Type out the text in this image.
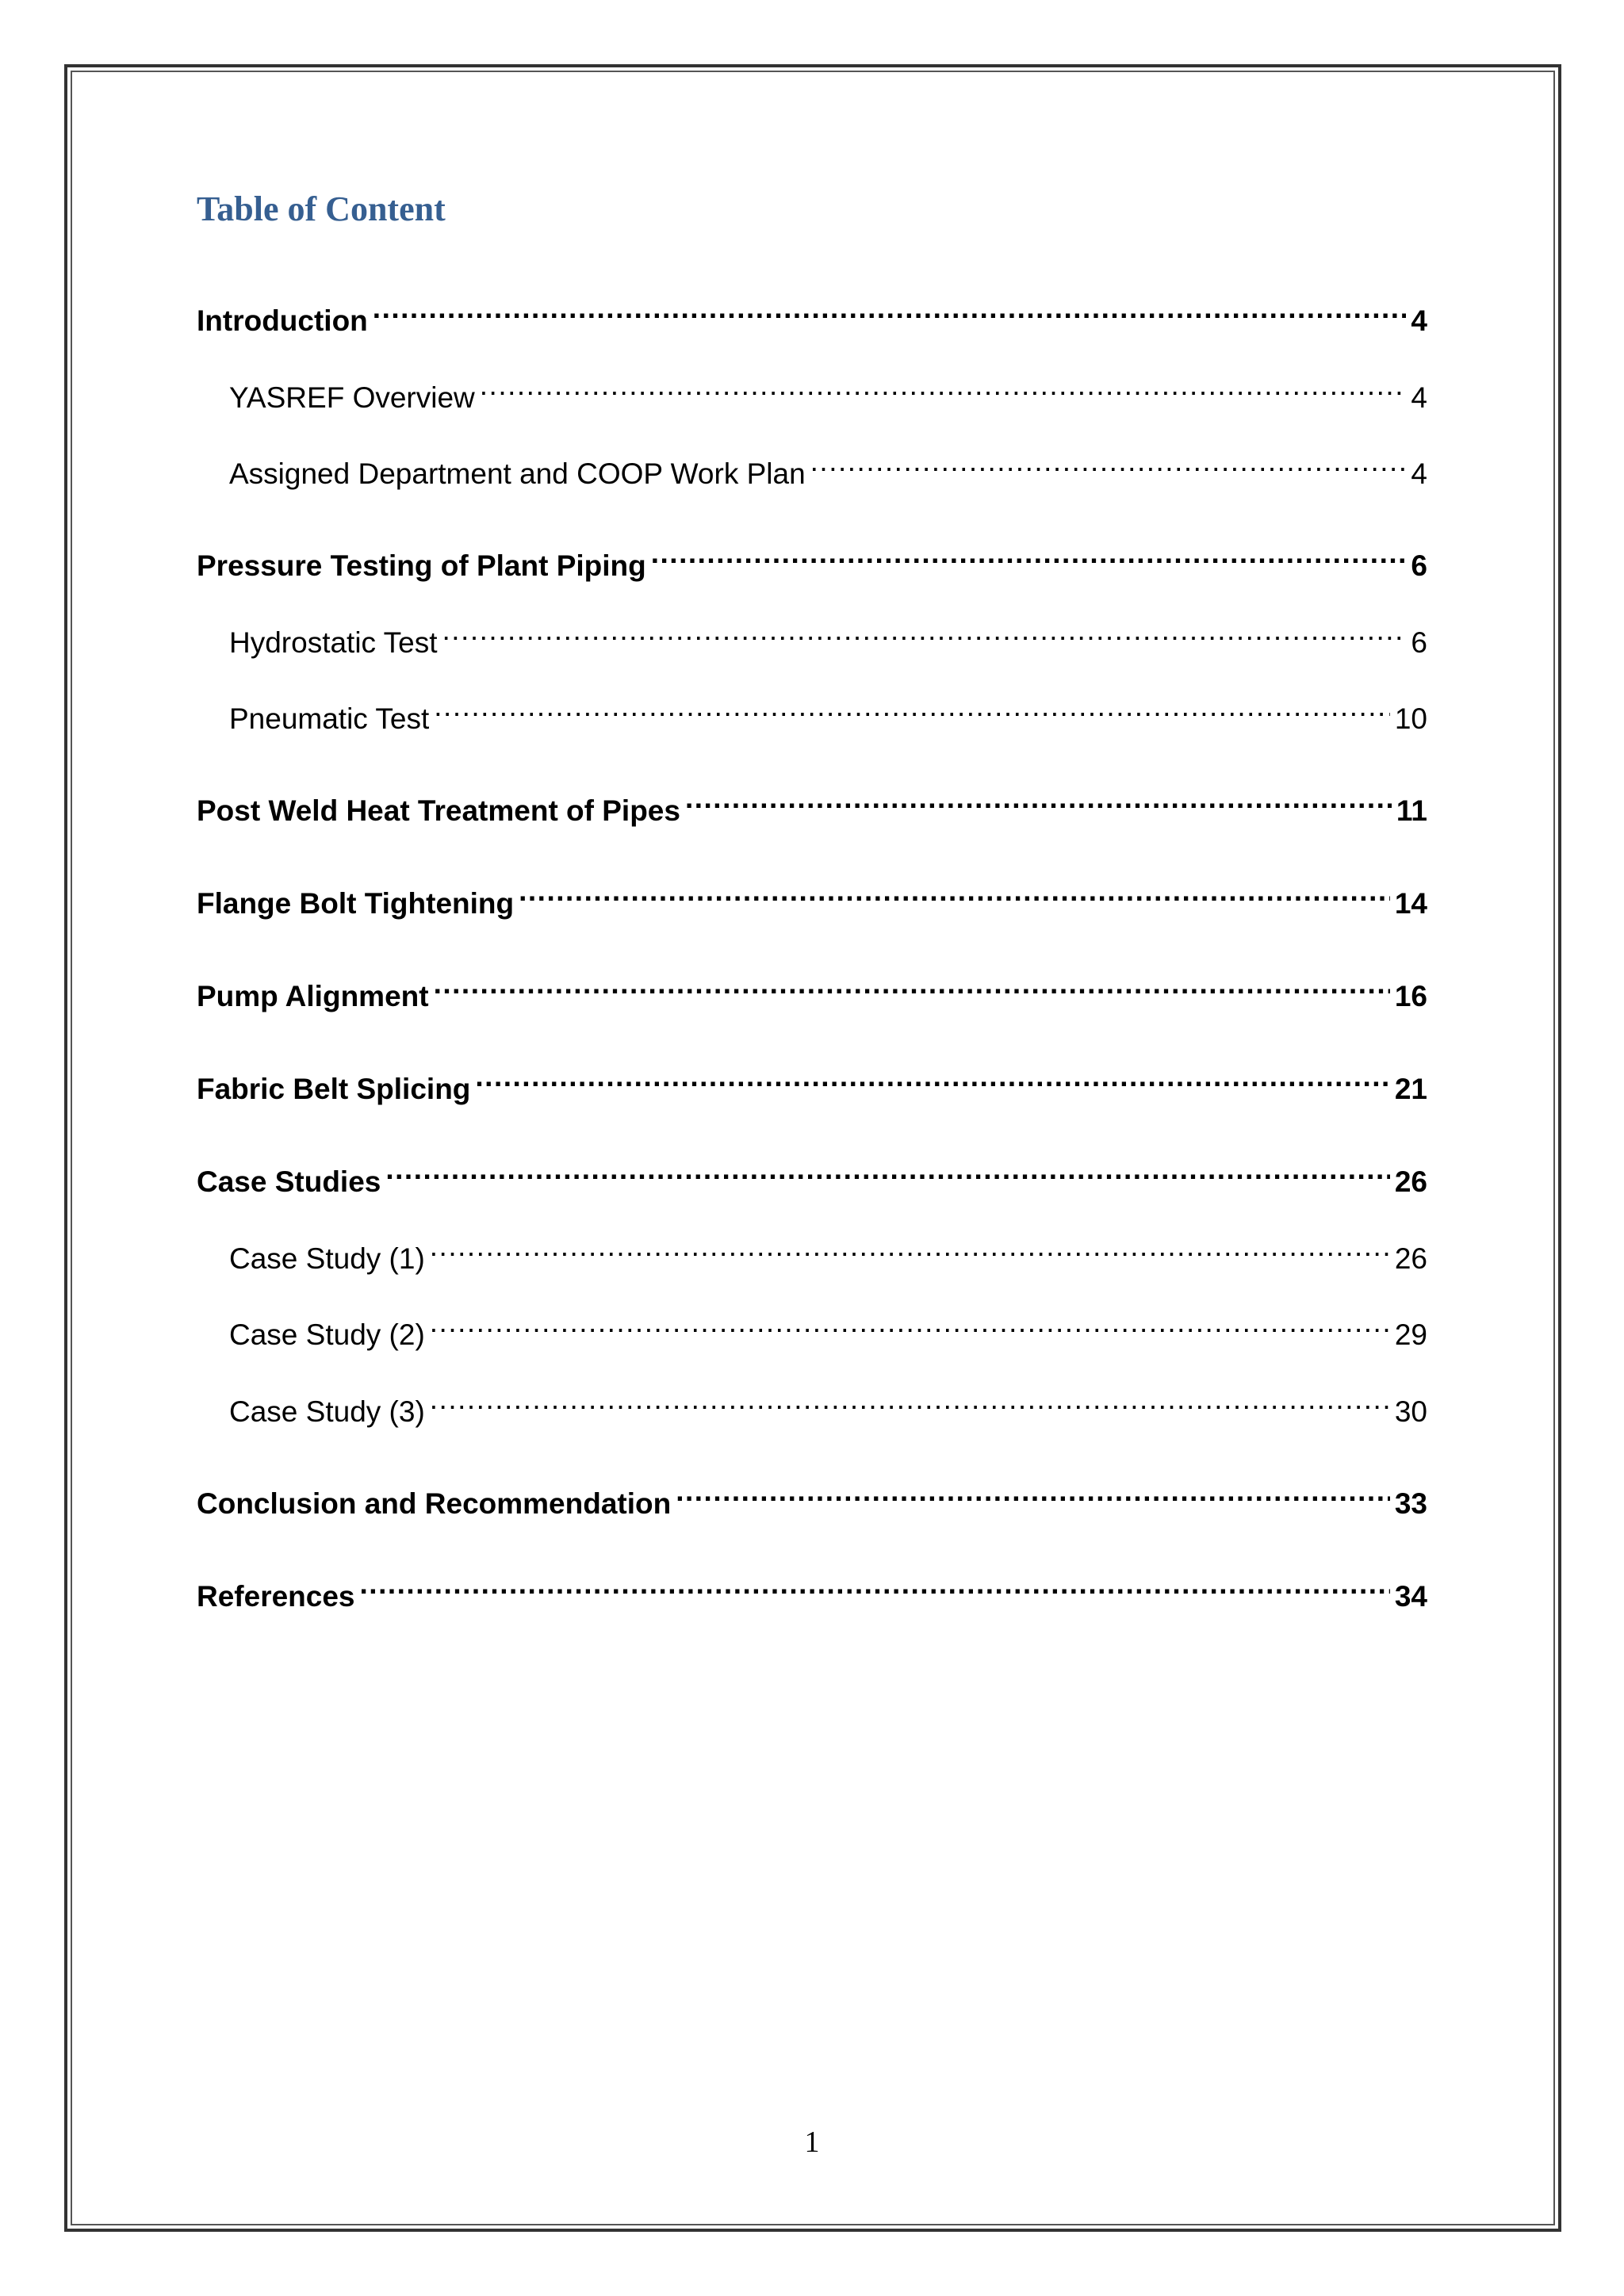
Table of Content
Introduction .....	4
YASREF Overview .....	4
Assigned Department and COOP Work Plan .....	4
Pressure Testing of Plant Piping .....	6
Hydrostatic Test .....	6
Pneumatic Test .....	10
Post Weld Heat Treatment of Pipes .....	11
Flange Bolt Tightening .....	14
Pump Alignment .....	16
Fabric Belt Splicing .....	21
Case Studies .....	26
Case Study (1) .....	26
Case Study (2) .....	29
Case Study (3) .....	30
Conclusion and Recommendation .....	33
References .....	34

1
